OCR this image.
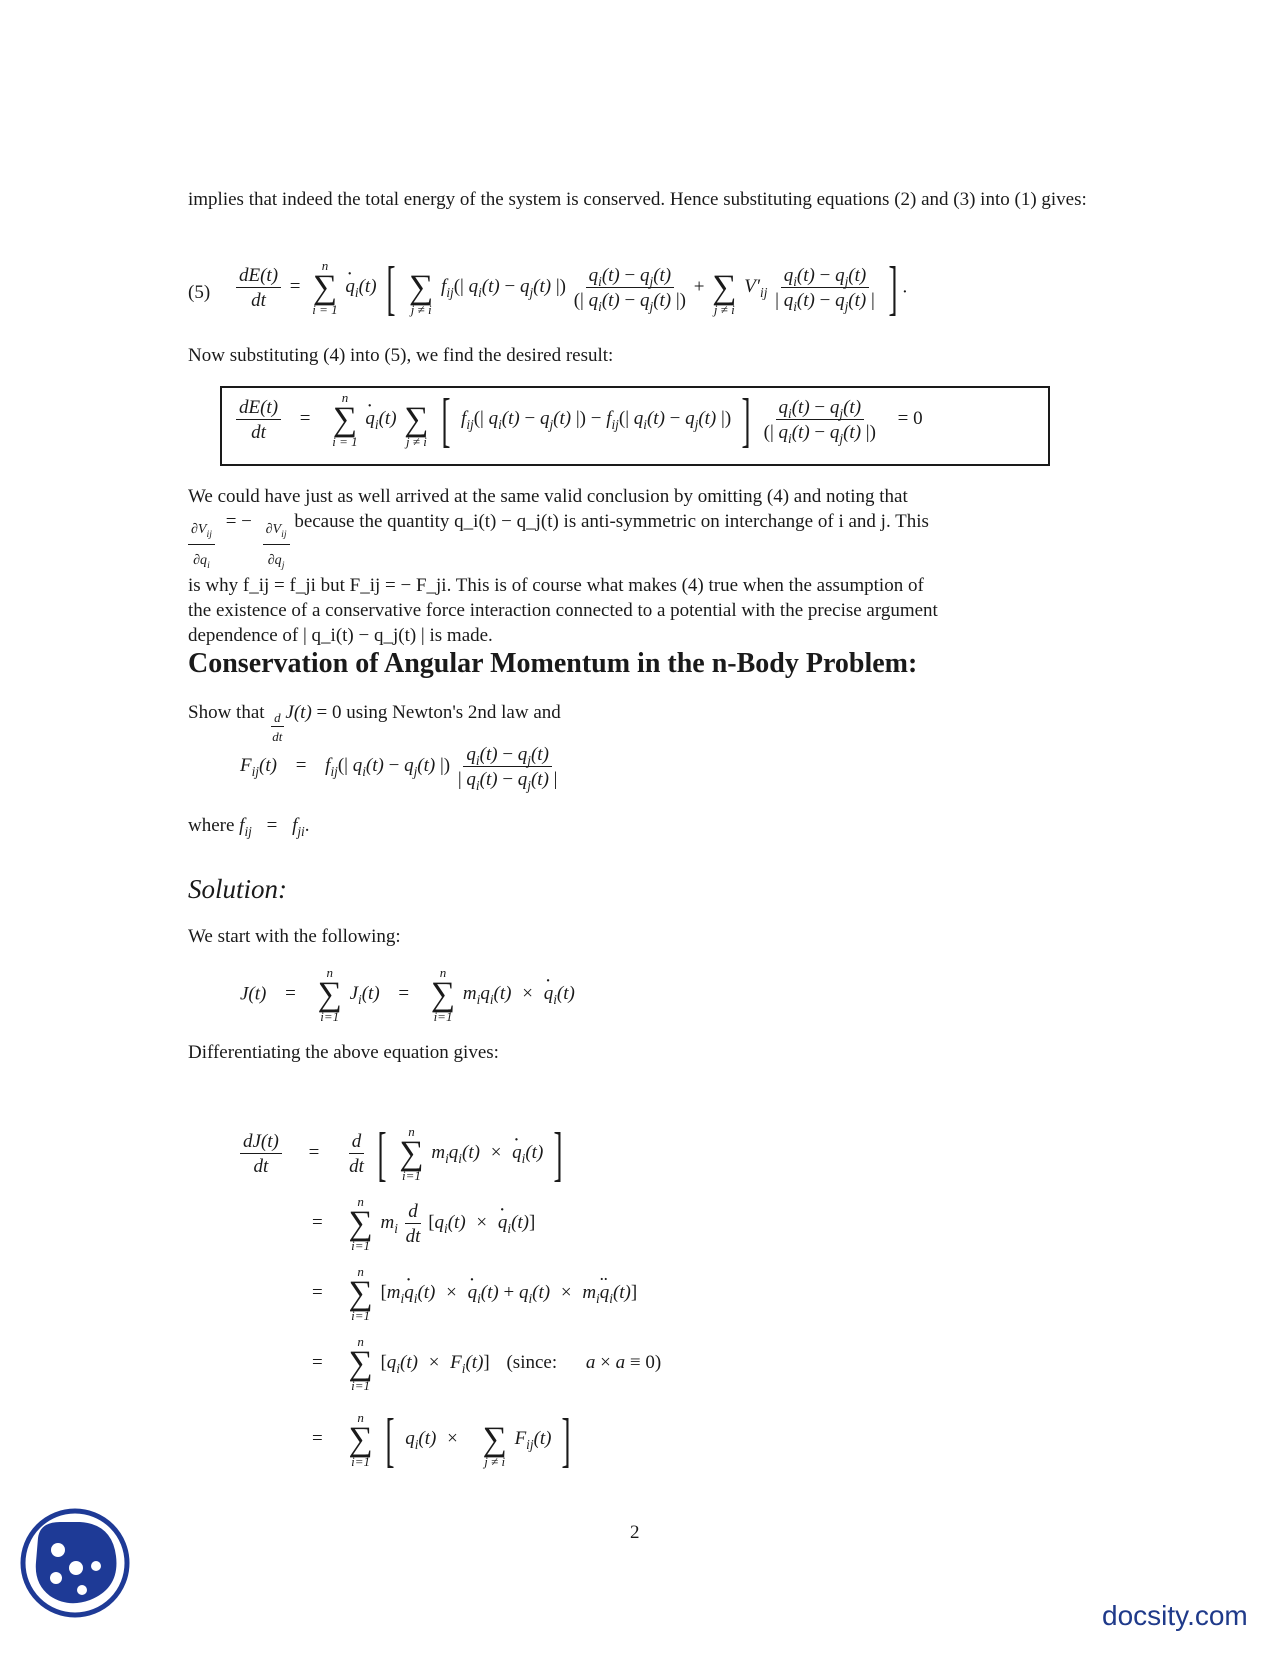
implies that indeed the total energy of the system is conserved. Hence substituting equations (2) and (3) into (1) gives:
$(5) \frac{dE(t)}{dt}$ =
n
∑
i = 1
· $q_i(t)$ [
∑
j ≠ i
$f_{ij}(|$ $q_i(t) - q_j(t)$ |) $\frac{q_i(t) - q_j(t)}{(| q_i(t) - q_j(t) |)}$ +
∑
j ≠ i
$V'_{ij} \frac{q_i(t) - q_j(t)}{| q_i(t) - q_j(t) |}$ ] .
Now substituting (4) into (5), we find the desired result:
$\frac{dE(t)}{dt}$ =
n
∑
i = 1
· $q_i(t)$
∑
j ≠ i [ $f_{ij}(|$ $q_i(t) - q_j(t)$ |) − $f_{ij}(|$ $q_i(t) - q_j(t)$ |) ] $\frac{q_i(t) - q_j(t)}{(| q_i(t) - q_j(t) |)} = 0$
We could have just as well arrived at the same valid conclusion by omitting (4) and noting that

$\frac{\partial V_{ij}}{\partial q_i}$ = − $\frac{\partial V_{ij}}{\partial q_j}$ because the quantity q_i(t) − q_j(t) is anti-symmetric on interchange of i and j. This
is why f_ij = f_ji but F_ij = − F_ji. This is of course what makes (4) true when the assumption of
the existence of a conservative force interaction connected to a potential with the precise argument
dependence of | q_i(t) − q_j(t) | is made.
Conservation of Angular Momentum in the n-Body Problem:
Show that $\frac{d}{dt} J(t) = 0$ using Newton's 2nd law and
$F_{ij}(t) = f_{ij}(|$ $q_i(t) - q_j(t)$ |) $\frac{q_i(t) - q_j(t)}{| q_i(t) - q_j(t) |}$
where $f_{ij} = f_{ji}$.
Solution:
We start with the following:
J(t) =
n
∑
i=1
$J_i(t)$ =
n
∑
i=1
$m_iq_i(t)$ × · $q_i(t)$
Differentiating the above equation gives:
$\frac{dJ(t)}{dt} = \frac{d}{dt}$ [ n
∑
i=1
$m_iq_i(t)$ × · $q_i(t)$ ]
=
n
∑
i=1
$m_i \frac{d}{dt} [q_i(t)$ × · $q_i(t)$]
=
n
∑
i=1
[$m_i\cdot q_i(t)$ × · $q_i(t) + q_i(t) \times m_i\cdot\cdot q_i(t)$]
=
n
∑
i=1
$[q_i(t) \times F_i(t)]$ (since: a × a ≡ 0)
=
n
∑
i=1 [ $q_i(t)$ ×
∑
j ≠ i
$F_{ij}(t)$ ]
2
docsity.com
